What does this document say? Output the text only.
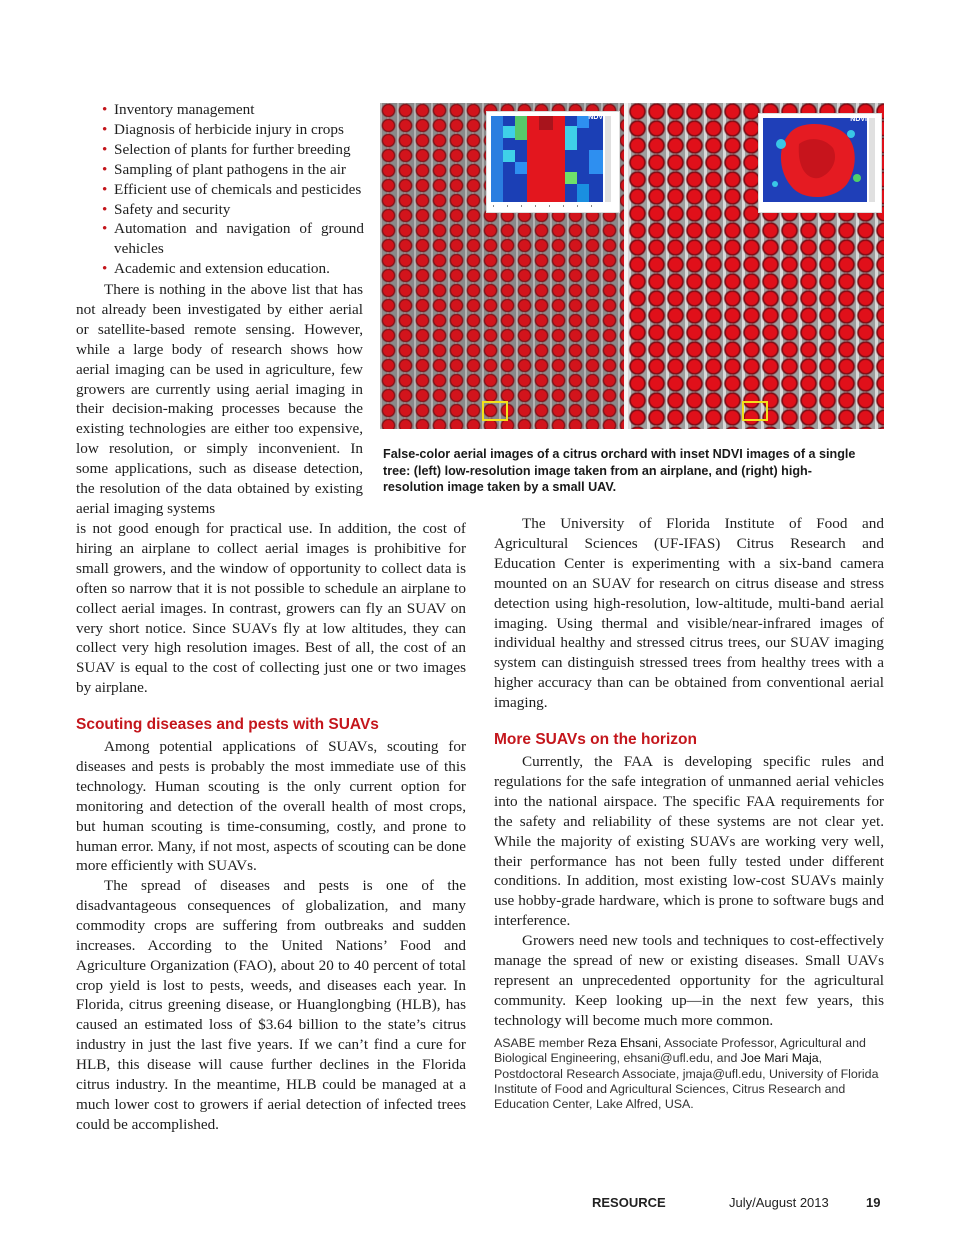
• Inventory management
• Diagnosis of herbicide injury in crops
• Selection of plants for further breeding
• Sampling of plant pathogens in the air
• Efficient use of chemicals and pesticides
• Safety and security
• Automation and navigation of ground vehicles
• Academic and extension education.

There is nothing in the above list that has not already been investigated by either aerial or satellite-based remote sensing. However, while a large body of research shows how aerial imaging can be used in agriculture, few growers are currently using aerial imaging in their decision-making processes because the existing technologies are either too expensive, low resolution, or simply inconvenient. In some applications, such as disease detection, the resolution of the data obtained by existing aerial imaging systems

is not good enough for practical use. In addition, the cost of hiring an airplane to collect aerial images is prohibitive for small growers, and the window of opportunity to collect data is often so narrow that it is not possible to schedule an airplane to collect aerial images. In contrast, growers can fly an SUAV on very short notice. Since SUAVs fly at low altitudes, they can collect very high resolution images. Best of all, the cost of an SUAV is equal to the cost of collecting just one or two images by airplane.

Scouting diseases and pests with SUAVs

Among potential applications of SUAVs, scouting for diseases and pests is probably the most immediate use of this technology. Human scouting is the only current option for monitoring and detection of the overall health of most crops, but human scouting is time-consuming, costly, and prone to human error. Many, if not most, aspects of scouting can be done more efficiently with SUAVs.

The spread of diseases and pests is one of the disadvantageous consequences of globalization, and many commodity crops are suffering from outbreaks and sudden increases. According to the United Nations’ Food and Agriculture Organization (FAO), about 20 to 40 percent of total crop yield is lost to pests, weeds, and diseases each year. In Florida, citrus greening disease, or Huanglongbing (HLB), has caused an estimated loss of $3.64 billion to the state’s citrus industry in just the last five years. If we can’t find a cure for HLB, this disease will cause further declines in the Florida citrus industry. In the meantime, HLB could be managed at a much lower cost to growers if aerial detection of infected trees could be accomplished.

NDVI	NDVI
False-color aerial images of a citrus orchard with inset NDVI images of a single tree: (left) low-resolution image taken from an airplane, and (right) high-resolution image taken by a small UAV.

The University of Florida Institute of Food and Agricultural Sciences (UF-IFAS) Citrus Research and Education Center is experimenting with a six-band camera mounted on an SUAV for research on citrus disease and stress detection using high-resolution, low-altitude, multi-band aerial imaging. Using thermal and visible/near-infrared images of individual healthy and stressed citrus trees, our SUAV imaging system can distinguish stressed trees from healthy trees with a higher accuracy than can be obtained from conventional aerial imaging.

More SUAVs on the horizon

Currently, the FAA is developing specific rules and regulations for the safe integration of unmanned aerial vehicles into the national airspace. The specific FAA requirements for the safety and reliability of these systems are not clear yet. While the majority of existing SUAVs are working very well, their performance has not been fully tested under different conditions. In addition, most existing low-cost SUAVs mainly use hobby-grade hardware, which is prone to software bugs and interference.

Growers need new tools and techniques to cost-effectively manage the spread of new or existing diseases. Small UAVs represent an unprecedented opportunity for the agricultural community. Keep looking up—in the next few years, this technology will become much more common.

ASABE member Reza Ehsani, Associate Professor, Agricultural and Biological Engineering, ehsani@ufl.edu, and Joe Mari Maja, Postdoctoral Research Associate, jmaja@ufl.edu, University of Florida Institute of Food and Agricultural Sciences, Citrus Research and Education Center, Lake Alfred, USA.
RESOURCE	July/August 2013	19
